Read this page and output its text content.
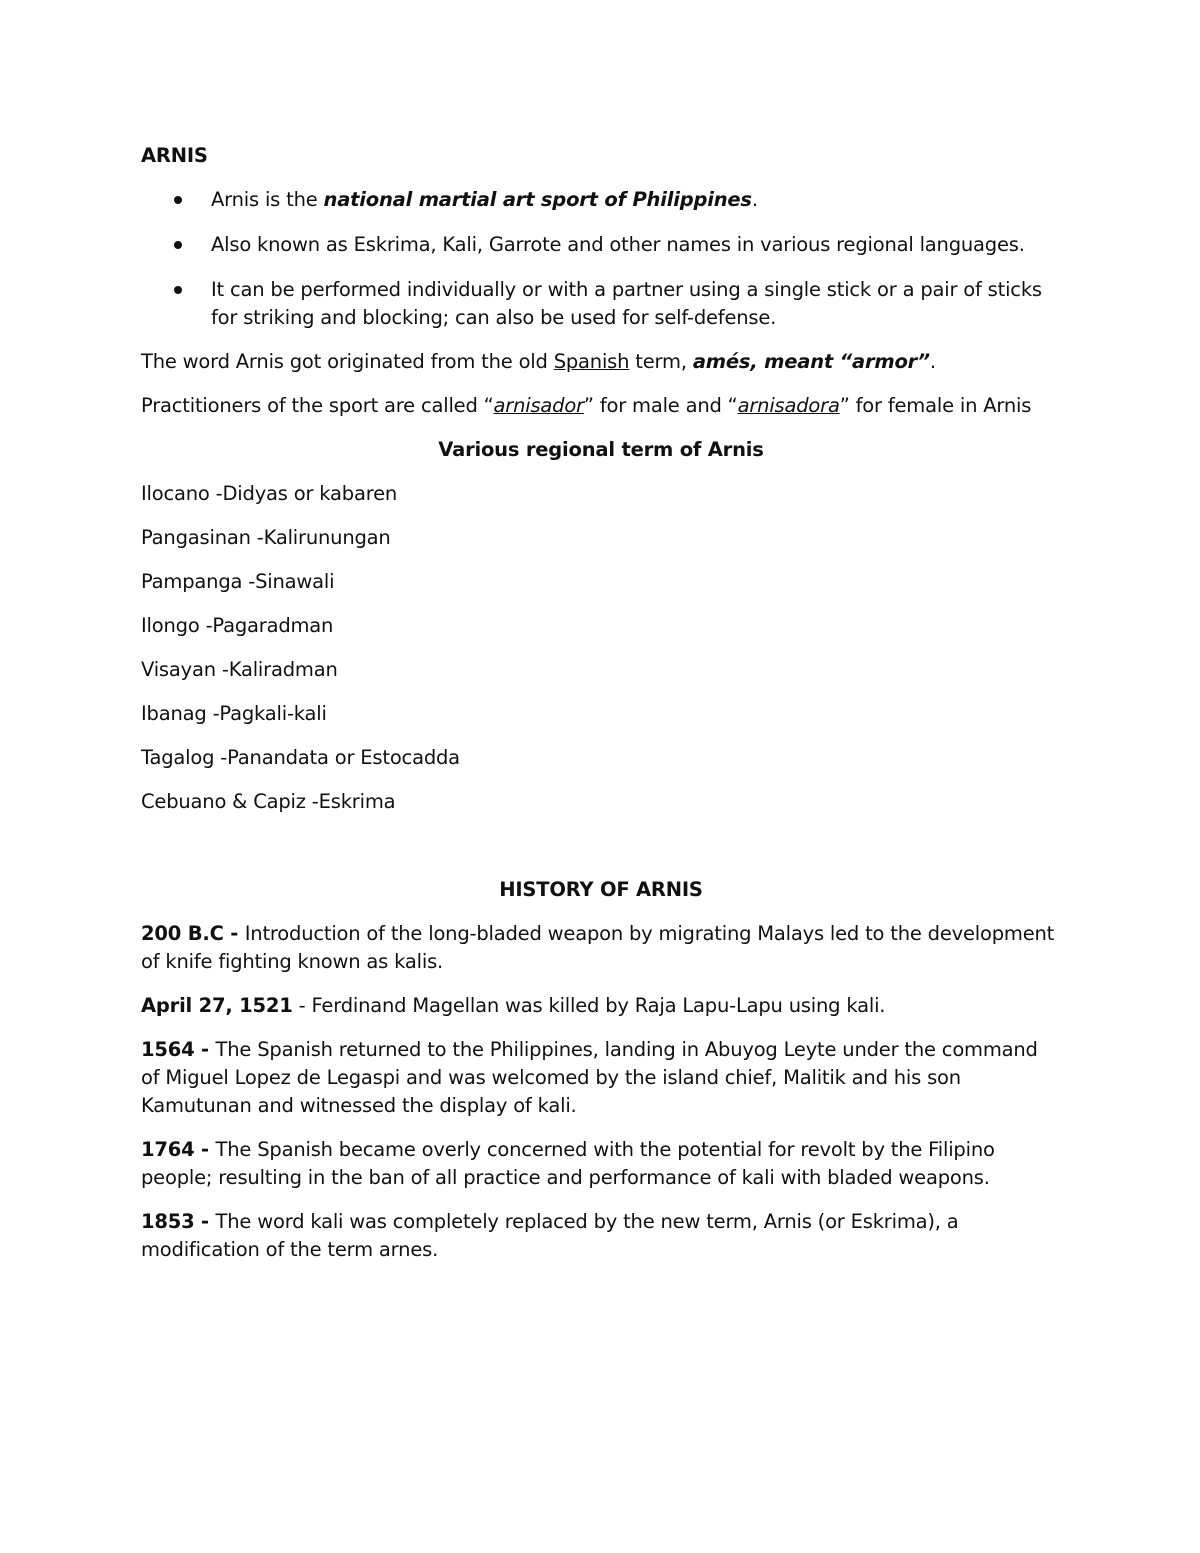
ARNIS

Arnis is the national martial art sport of Philippines.
Also known as Eskrima, Kali, Garrote and other names in various regional languages.
It can be performed individually or with a partner using a single stick or a pair of sticks for striking and blocking; can also be used for self-defense.

The word Arnis got originated from the old Spanish term, amés, meant “armor”.

Practitioners of the sport are called “arnisador” for male and “arnisadora” for female in Arnis

Various regional term of Arnis

Ilocano -Didyas or kabaren

Pangasinan -Kalirunungan

Pampanga -Sinawali

Ilongo -Pagaradman

Visayan -Kaliradman

Ibanag -Pagkali-kali

Tagalog -Panandata or Estocadda

Cebuano & Capiz -Eskrima

HISTORY OF ARNIS

200 B.C - Introduction of the long-bladed weapon by migrating Malays led to the development of knife fighting known as kalis.

April 27, 1521 - Ferdinand Magellan was killed by Raja Lapu-Lapu using kali.

1564 - The Spanish returned to the Philippines, landing in Abuyog Leyte under the command of Miguel Lopez de Legaspi and was welcomed by the island chief, Malitik and his son Kamutunan and witnessed the display of kali.

1764 - The Spanish became overly concerned with the potential for revolt by the Filipino people; resulting in the ban of all practice and performance of kali with bladed weapons.

1853 - The word kali was completely replaced by the new term, Arnis (or Eskrima), a modification of the term arnes.
